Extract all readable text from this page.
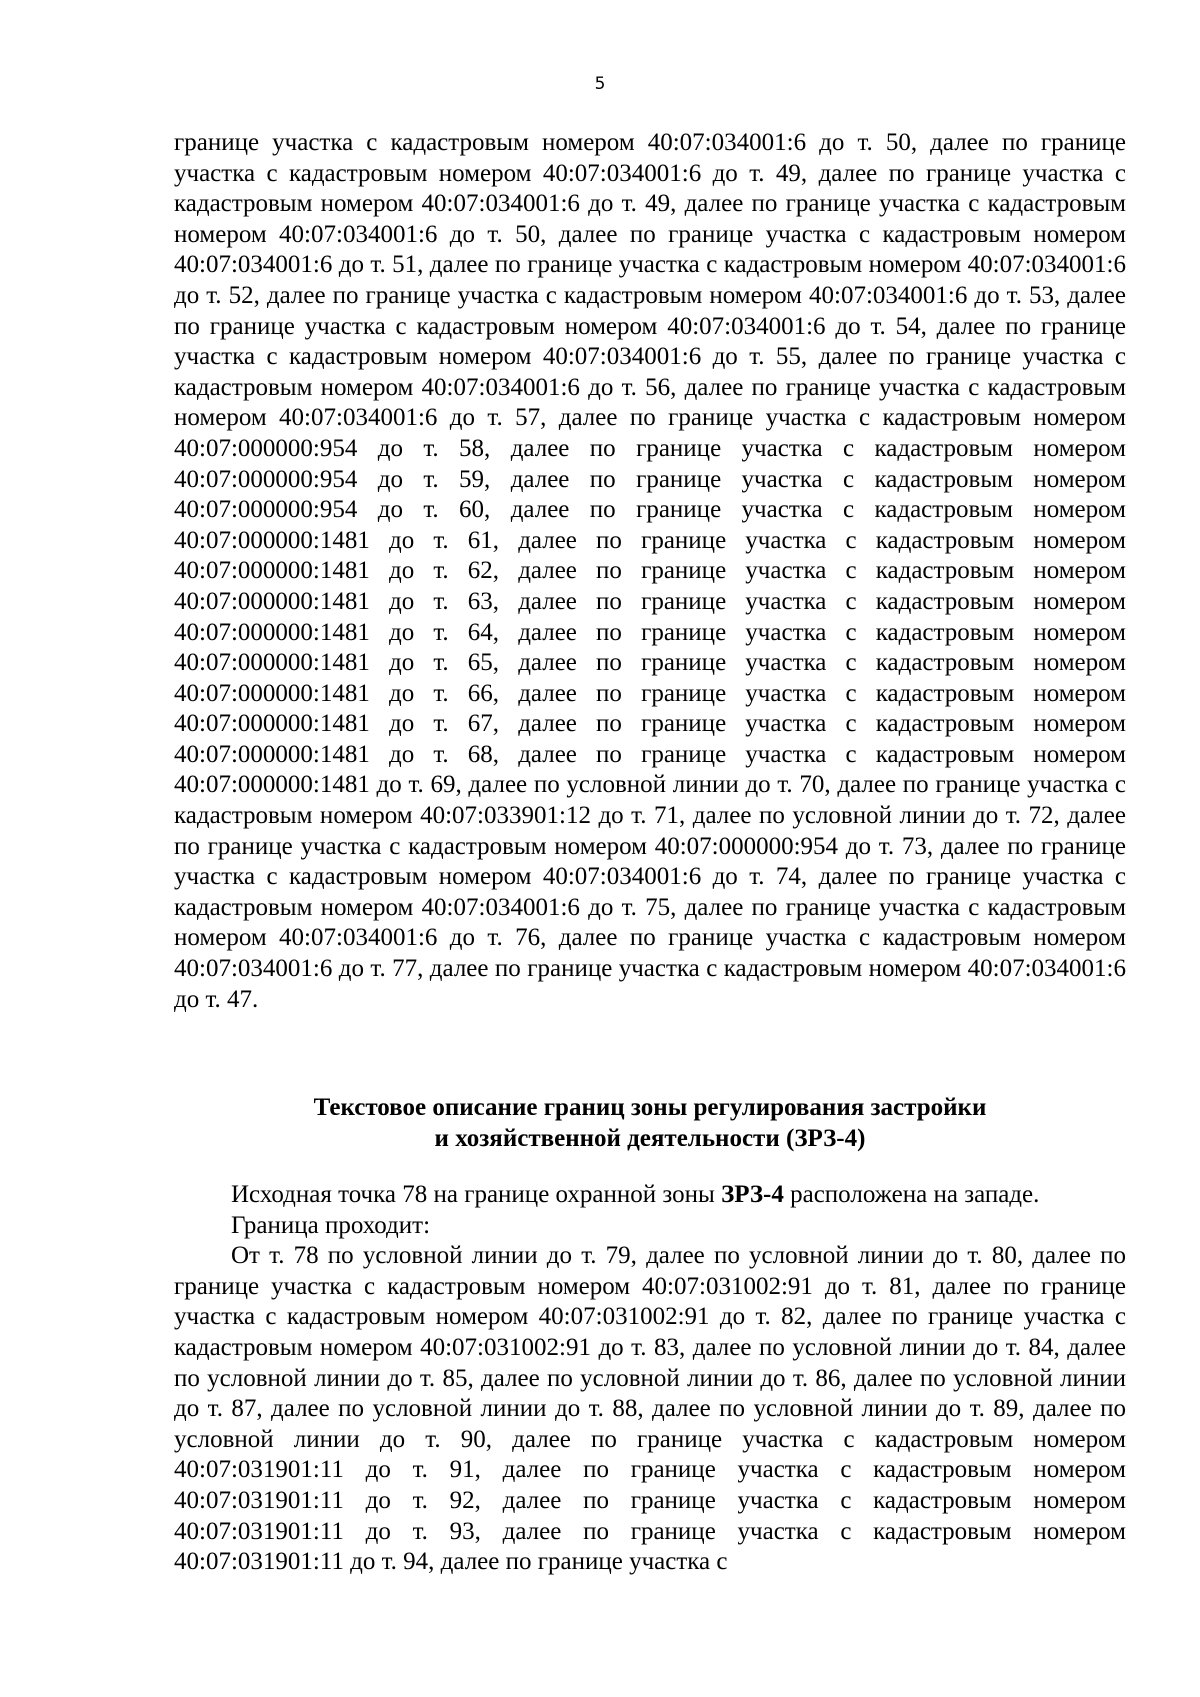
5
границе участка с кадастровым номером 40:07:034001:6 до т. 50, далее по границе участка с кадастровым номером 40:07:034001:6 до т. 49, далее по границе участка с кадастровым номером 40:07:034001:6 до т. 49, далее по границе участка с кадастровым номером 40:07:034001:6 до т. 50, далее по границе участка с кадастровым номером 40:07:034001:6 до т. 51, далее по границе участка с кадастровым номером 40:07:034001:6 до т. 52, далее по границе участка с кадастровым номером 40:07:034001:6 до т. 53, далее по границе участка с кадастровым номером 40:07:034001:6 до т. 54, далее по границе участка с кадастровым номером 40:07:034001:6 до т. 55, далее по границе участка с кадастровым номером 40:07:034001:6 до т. 56, далее по границе участка с кадастровым номером 40:07:034001:6 до т. 57, далее по границе участка с кадастровым номером 40:07:000000:954 до т. 58, далее по границе участка с кадастровым номером 40:07:000000:954 до т. 59, далее по границе участка с кадастровым номером 40:07:000000:954 до т. 60, далее по границе участка с кадастровым номером 40:07:000000:1481 до т. 61, далее по границе участка с кадастровым номером 40:07:000000:1481 до т. 62, далее по границе участка с кадастровым номером 40:07:000000:1481 до т. 63, далее по границе участка с кадастровым номером 40:07:000000:1481 до т. 64, далее по границе участка с кадастровым номером 40:07:000000:1481 до т. 65, далее по границе участка с кадастровым номером 40:07:000000:1481 до т. 66, далее по границе участка с кадастровым номером 40:07:000000:1481 до т. 67, далее по границе участка с кадастровым номером 40:07:000000:1481 до т. 68, далее по границе участка с кадастровым номером 40:07:000000:1481 до т. 69, далее по условной линии до т. 70, далее по границе участка с кадастровым номером 40:07:033901:12 до т. 71, далее по условной линии до т. 72, далее по границе участка с кадастровым номером 40:07:000000:954 до т. 73, далее по границе участка с кадастровым номером 40:07:034001:6 до т. 74, далее по границе участка с кадастровым номером 40:07:034001:6 до т. 75, далее по границе участка с кадастровым номером 40:07:034001:6 до т. 76, далее по границе участка с кадастровым номером 40:07:034001:6 до т. 77, далее по границе участка с кадастровым номером 40:07:034001:6 до т. 47.
Текстовое описание границ зоны регулирования застройки
и хозяйственной деятельности (ЗРЗ-4)
Исходная точка 78 на границе охранной зоны ЗРЗ-4 расположена на западе.
Граница проходит:
От т. 78 по условной линии до т. 79, далее по условной линии до т. 80, далее по границе участка с кадастровым номером 40:07:031002:91 до т. 81, далее по границе участка с кадастровым номером 40:07:031002:91 до т. 82, далее по границе участка с кадастровым номером 40:07:031002:91 до т. 83, далее по условной линии до т. 84, далее по условной линии до т. 85, далее по условной линии до т. 86, далее по условной линии до т. 87, далее по условной линии до т. 88, далее по условной линии до т. 89, далее по условной линии до т. 90, далее по границе участка с кадастровым номером 40:07:031901:11 до т. 91, далее по границе участка с кадастровым номером 40:07:031901:11 до т. 92, далее по границе участка с кадастровым номером 40:07:031901:11 до т. 93, далее по границе участка с кадастровым номером 40:07:031901:11 до т. 94, далее по границе участка с
